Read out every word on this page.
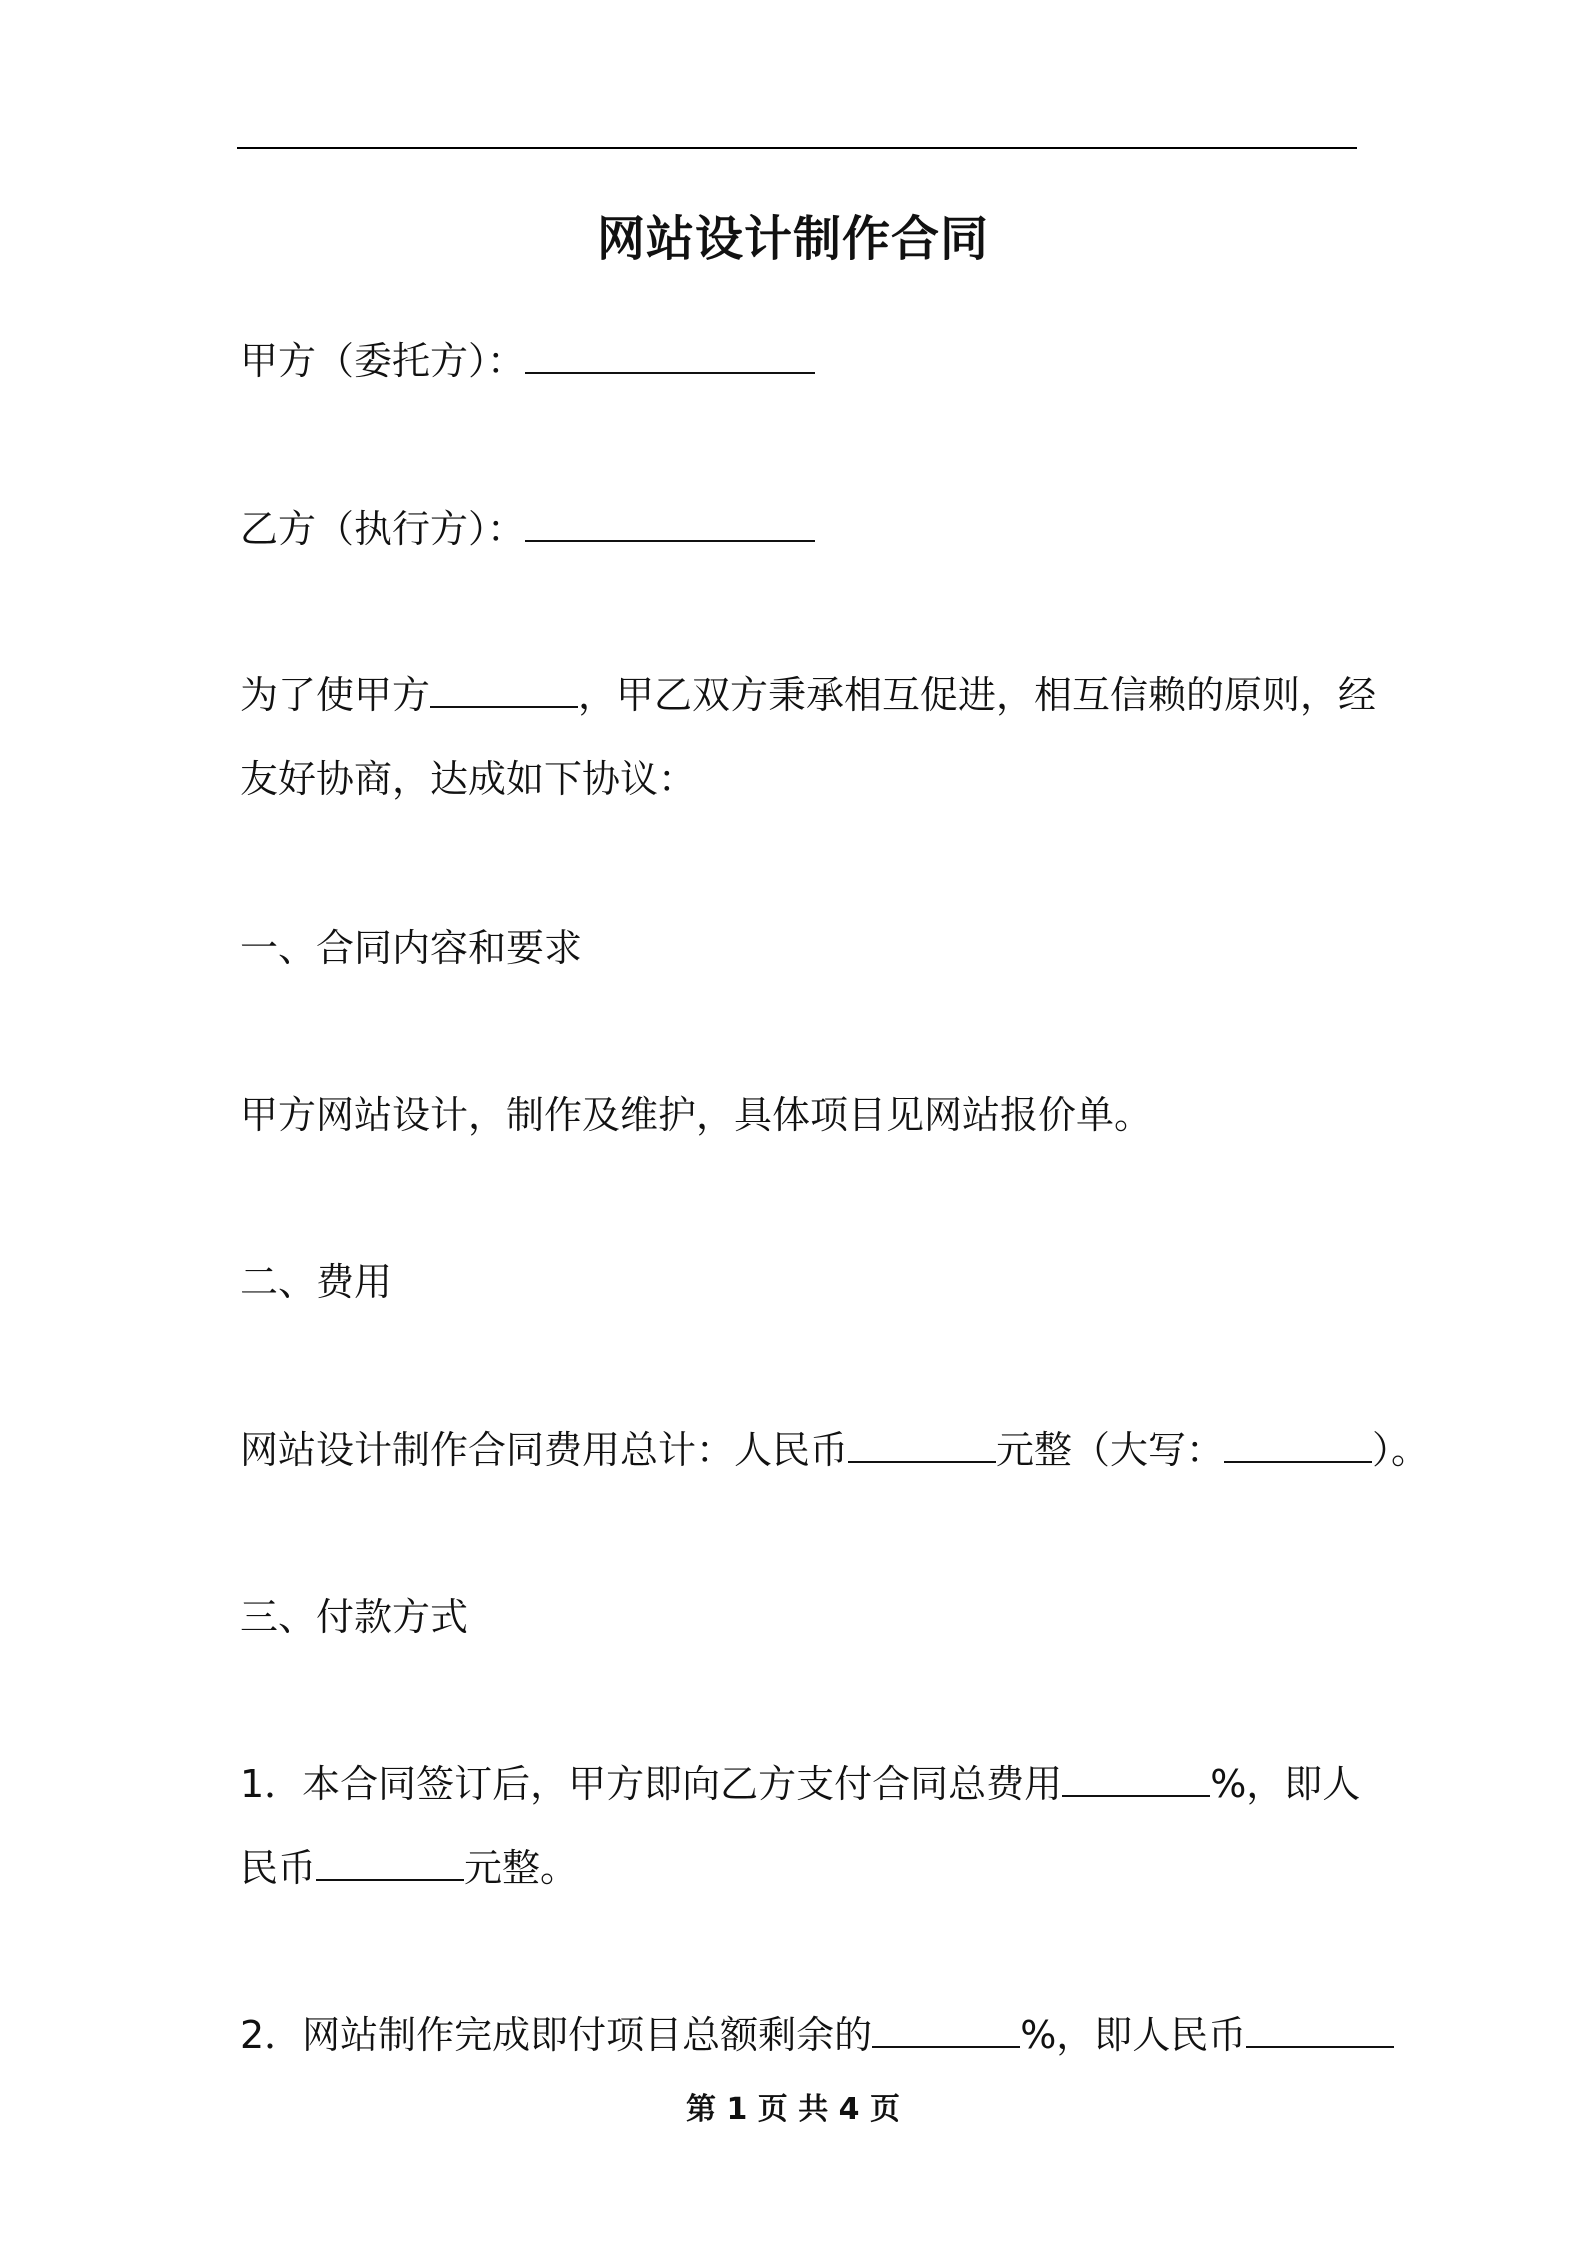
网站设计制作合同
甲方（委托方）：
乙方（执行方）：
为了使甲方	，甲乙双方秉承相互促进，相互信赖的原则，经
友好协商，达成如下协议：
一、合同内容和要求
甲方网站设计，制作及维护，具体项目见网站报价单。
二、费用
网站设计制作合同费用总计：人民币	元整（大写：	）。
三、付款方式
1．本合同签订后，甲方即向乙方支付合同总费用	%，即人
民币	元整。
2．网站制作完成即付项目总额剩余的	%，即人民币
第 1 页 共 4 页
